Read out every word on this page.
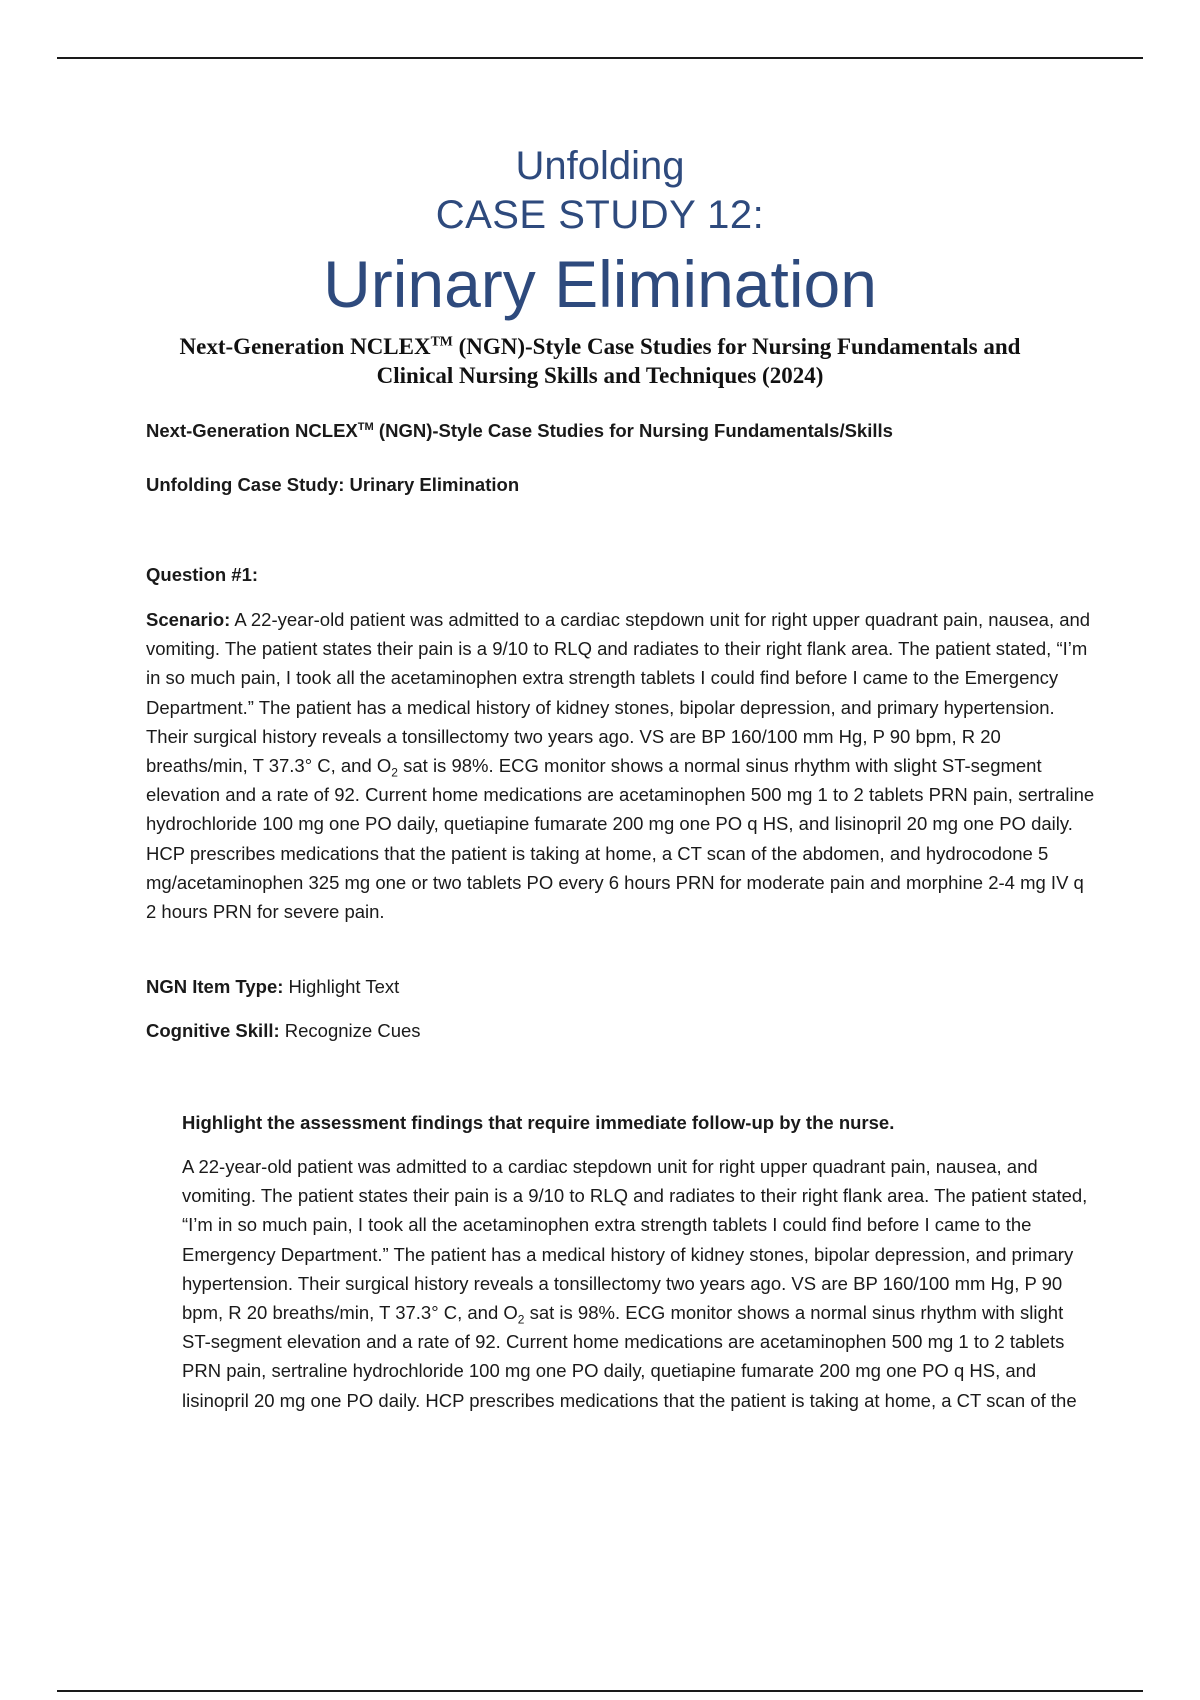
Unfolding
CASE STUDY 12:
Urinary Elimination
Next-Generation NCLEX™ (NGN)-Style Case Studies for Nursing Fundamentals and Clinical Nursing Skills and Techniques (2024)
Next-Generation NCLEX™ (NGN)-Style Case Studies for Nursing Fundamentals/Skills
Unfolding Case Study: Urinary Elimination
Question #1:
Scenario: A 22-year-old patient was admitted to a cardiac stepdown unit for right upper quadrant pain, nausea, and vomiting. The patient states their pain is a 9/10 to RLQ and radiates to their right flank area. The patient stated, “I’m in so much pain, I took all the acetaminophen extra strength tablets I could find before I came to the Emergency Department.” The patient has a medical history of kidney stones, bipolar depression, and primary hypertension. Their surgical history reveals a tonsillectomy two years ago. VS are BP 160/100 mm Hg, P 90 bpm, R 20 breaths/min, T 37.3° C, and $O_2$ sat is 98%. ECG monitor shows a normal sinus rhythm with slight ST-segment elevation and a rate of 92. Current home medications are acetaminophen 500 mg 1 to 2 tablets PRN pain, sertraline hydrochloride 100 mg one PO daily, quetiapine fumarate 200 mg one PO q HS, and lisinopril 20 mg one PO daily. HCP prescribes medications that the patient is taking at home, a CT scan of the abdomen, and hydrocodone 5 mg/acetaminophen 325 mg one or two tablets PO every 6 hours PRN for moderate pain and morphine 2-4 mg IV q 2 hours PRN for severe pain.
NGN Item Type: Highlight Text
Cognitive Skill: Recognize Cues
Highlight the assessment findings that require immediate follow-up by the nurse.
A 22-year-old patient was admitted to a cardiac stepdown unit for right upper quadrant pain, nausea, and vomiting. The patient states their pain is a 9/10 to RLQ and radiates to their right flank area. The patient stated, “I’m in so much pain, I took all the acetaminophen extra strength tablets I could find before I came to the Emergency Department.” The patient has a medical history of kidney stones, bipolar depression, and primary hypertension. Their surgical history reveals a tonsillectomy two years ago. VS are BP 160/100 mm Hg, P 90 bpm, R 20 breaths/min, T 37.3° C, and $O_2$ sat is 98%. ECG monitor shows a normal sinus rhythm with slight ST-segment elevation and a rate of 92. Current home medications are acetaminophen 500 mg 1 to 2 tablets PRN pain, sertraline hydrochloride 100 mg one PO daily, quetiapine fumarate 200 mg one PO q HS, and lisinopril 20 mg one PO daily. HCP prescribes medications that the patient is taking at home, a CT scan of the
